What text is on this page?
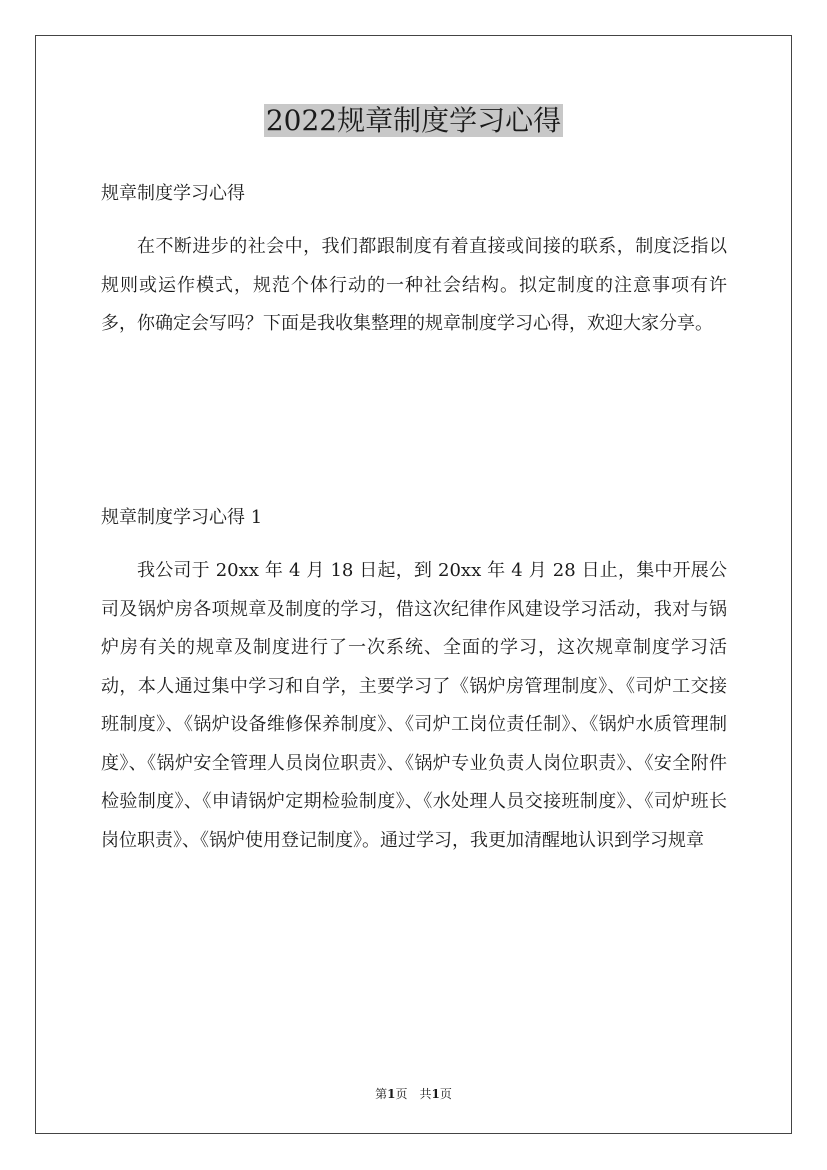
2022规章制度学习心得
规章制度学习心得

在不断进步的社会中，我们都跟制度有着直接或间接的联系，制度泛指以规则或运作模式，规范个体行动的一种社会结构。拟定制度的注意事项有许多，你确定会写吗？下面是我收集整理的规章制度学习心得，欢迎大家分享。

规章制度学习心得 1

我公司于 20xx 年 4 月 18 日起，到 20xx 年 4 月 28 日止，集中开展公司及锅炉房各项规章及制度的学习，借这次纪律作风建设学习活动，我对与锅炉房有关的规章及制度进行了一次系统、全面的学习，这次规章制度学习活动，本人通过集中学习和自学，主要学习了《锅炉房管理制度》、《司炉工交接班制度》、《锅炉设备维修保养制度》、《司炉工岗位责任制》、《锅炉水质管理制度》、《锅炉安全管理人员岗位职责》、《锅炉专业负责人岗位职责》、《安全附件检验制度》、《申请锅炉定期检验制度》、《水处理人员交接班制度》、《司炉班长岗位职责》、《锅炉使用登记制度》。通过学习，我更加清醒地认识到学习规章

第1页　共1页
